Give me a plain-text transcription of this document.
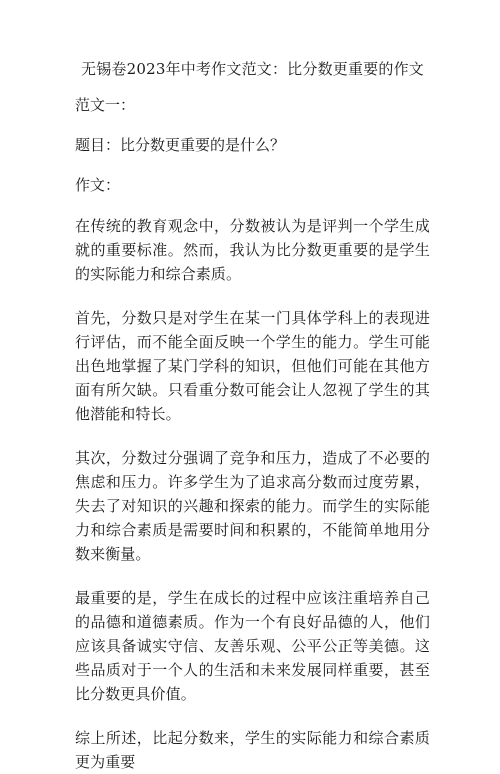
无锡卷2023年中考作文范文：比分数更重要的作文
范文一：
题目：比分数更重要的是什么？
作文：

在传统的教育观念中，分数被认为是评判一个学生成就的重要标准。然而，我认为比分数更重要的是学生的实际能力和综合素质。

首先，分数只是对学生在某一门具体学科上的表现进行评估，而不能全面反映一个学生的能力。学生可能出色地掌握了某门学科的知识，但他们可能在其他方面有所欠缺。只看重分数可能会让人忽视了学生的其他潜能和特长。

其次，分数过分强调了竞争和压力，造成了不必要的焦虑和压力。许多学生为了追求高分数而过度劳累，失去了对知识的兴趣和探索的能力。而学生的实际能力和综合素质是需要时间和积累的，不能简单地用分数来衡量。

最重要的是，学生在成长的过程中应该注重培养自己的品德和道德素质。作为一个有良好品德的人，他们应该具备诚实守信、友善乐观、公平公正等美德。这些品质对于一个人的生活和未来发展同样重要，甚至比分数更具价值。

综上所述，比起分数来，学生的实际能力和综合素质更为重要
